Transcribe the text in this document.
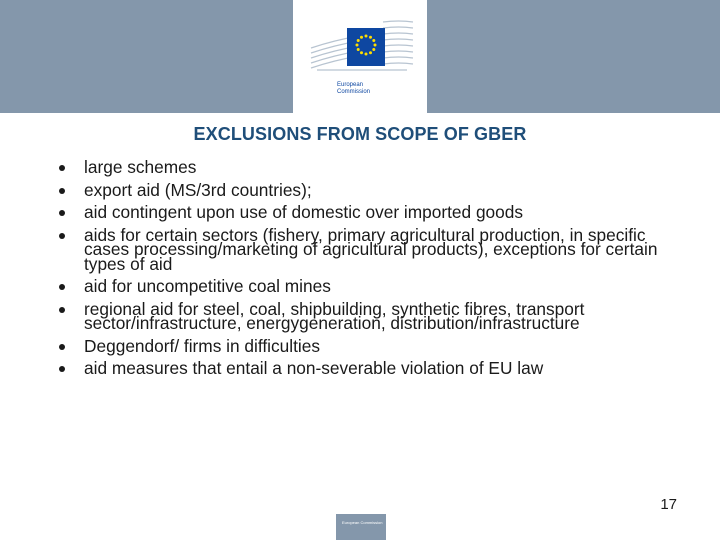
European
Commission
EXCLUSIONS FROM SCOPE OF GBER
large schemes
export aid (MS/3rd countries);
aid contingent upon use of domestic over imported goods
aids for certain sectors (fishery, primary agricultural production, in specific cases processing/marketing of agricultural products), exceptions for certain types of aid
aid for uncompetitive coal mines
regional aid for steel, coal, shipbuilding, synthetic fibres, transport sector/infrastructure, energygeneration, distribution/infrastructure
Deggendorf/ firms in difficulties
aid measures that entail a non-severable violation of EU law
17
European Commission
